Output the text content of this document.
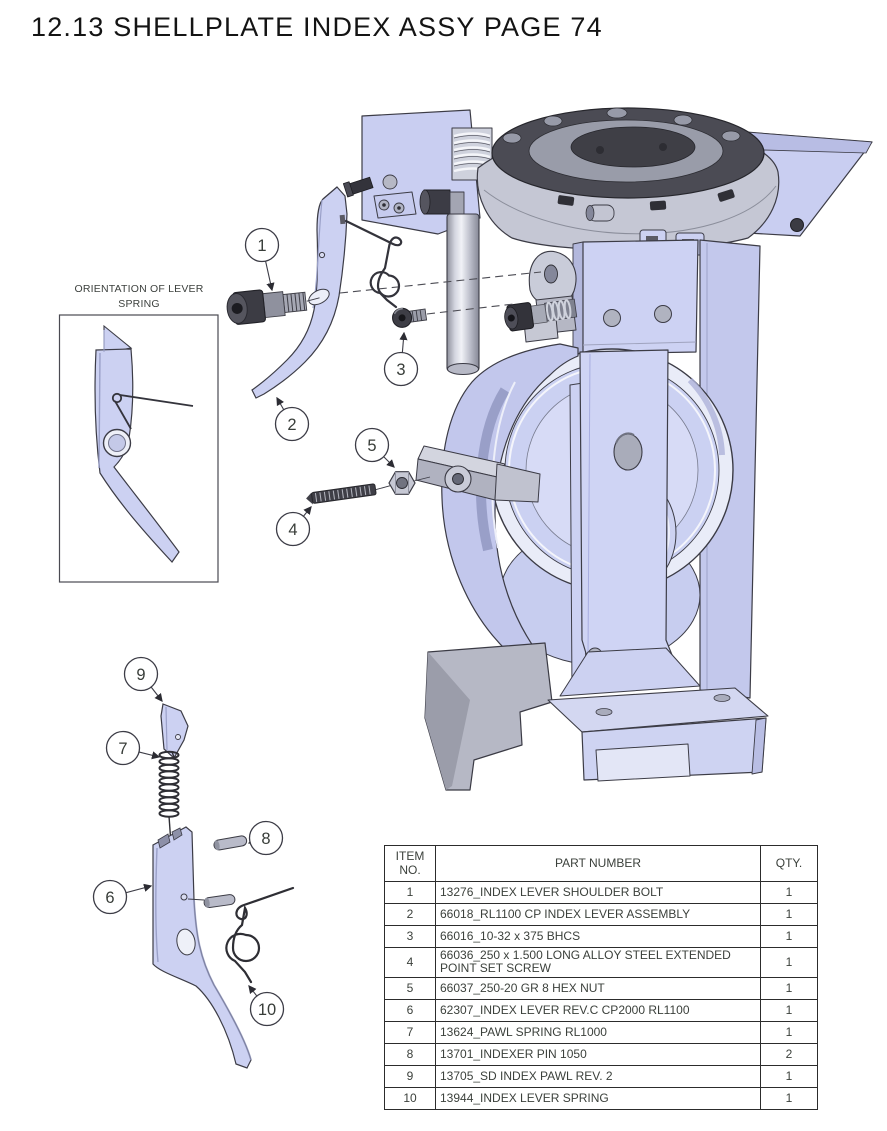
12.13 SHELLPLATE INDEX ASSY PAGE 74
ORIENTATION OF LEVER
SPRING
1
2
3
4
5
6
7
8
9
10
ITEM NO.	PART NUMBER	QTY.
1	13276_INDEX LEVER SHOULDER BOLT	1
2	66018_RL1100 CP INDEX LEVER ASSEMBLY	1
3	66016_10-32 x 375 BHCS	1
4	66036_250 x 1.500 LONG ALLOY STEEL EXTENDED POINT SET SCREW	1
5	66037_250-20 GR 8 HEX NUT	1
6	62307_INDEX LEVER REV.C CP2000 RL1100	1
7	13624_PAWL SPRING RL1000	1
8	13701_INDEXER PIN 1050	2
9	13705_SD INDEX PAWL REV. 2	1
10	13944_INDEX LEVER SPRING	1
